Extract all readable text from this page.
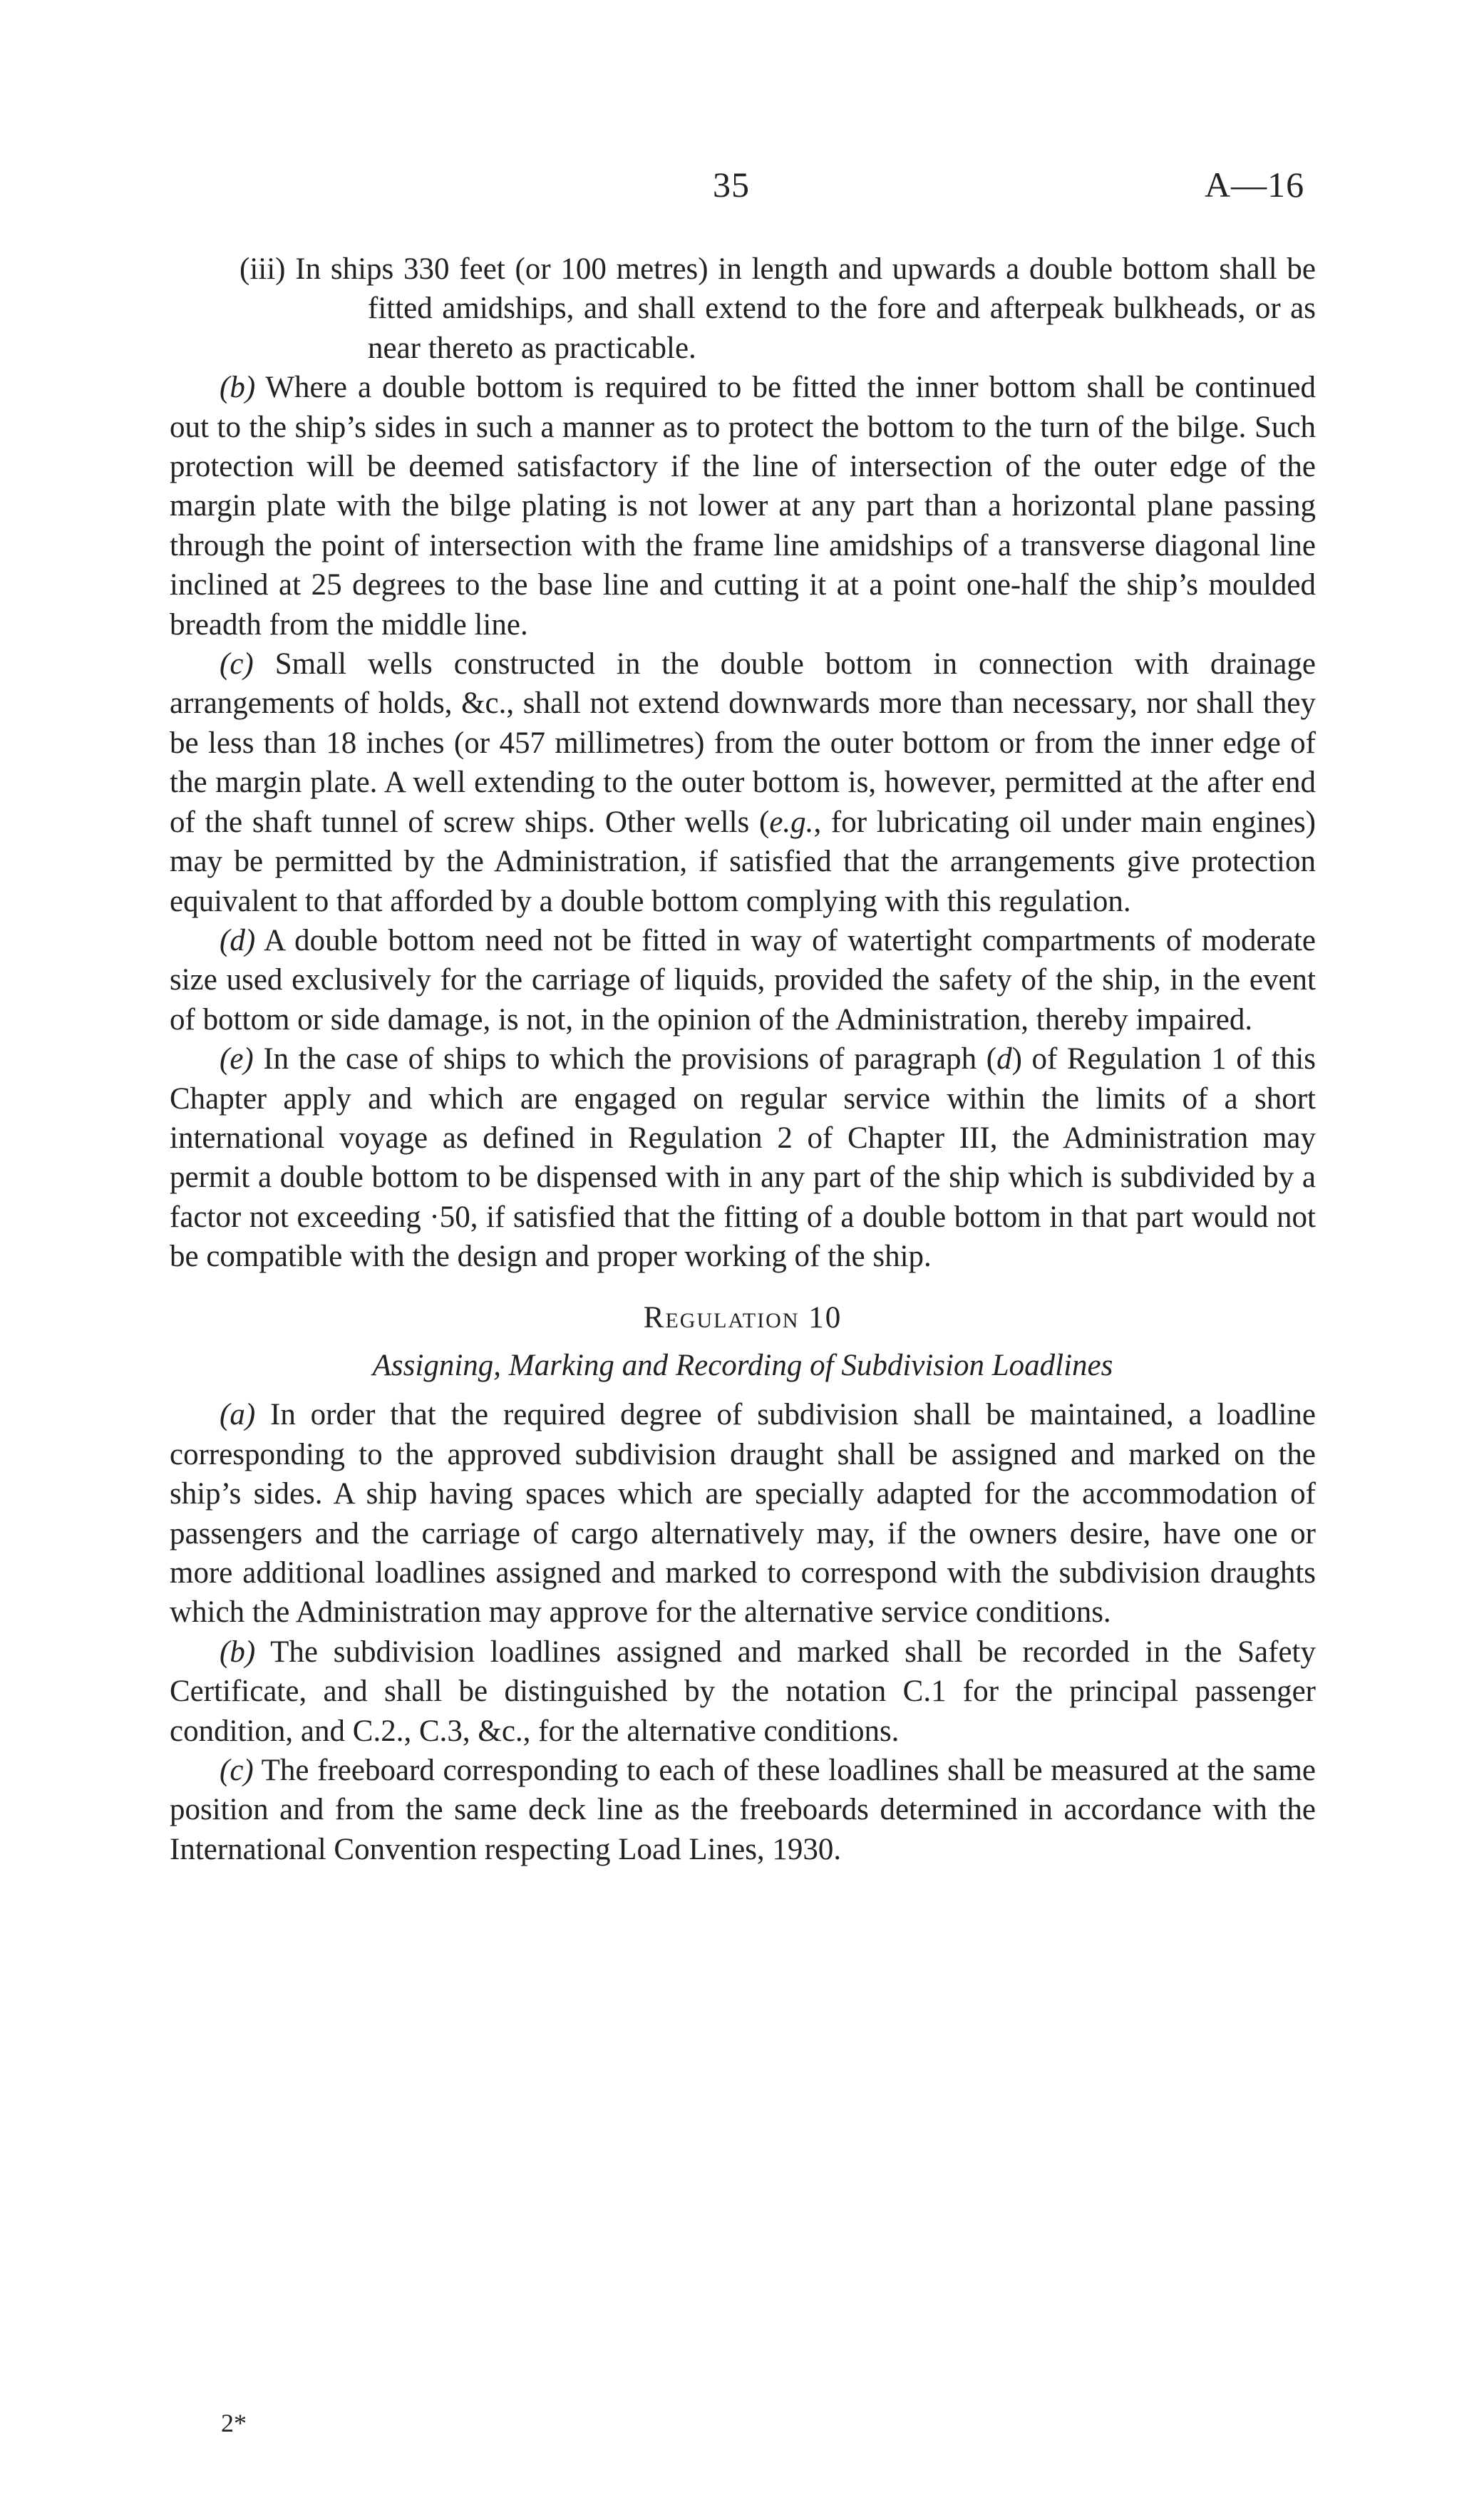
35	A—16

(iii) In ships 330 feet (or 100 metres) in length and upwards a double bottom shall be fitted amidships, and shall extend to the fore and afterpeak bulkheads, or as near thereto as practicable.

(b) Where a double bottom is required to be fitted the inner bottom shall be continued out to the ship’s sides in such a manner as to protect the bottom to the turn of the bilge. Such protection will be deemed satisfactory if the line of intersection of the outer edge of the margin plate with the bilge plating is not lower at any part than a horizontal plane passing through the point of intersection with the frame line amidships of a transverse diagonal line inclined at 25 degrees to the base line and cutting it at a point one-half the ship’s moulded breadth from the middle line.

(c) Small wells constructed in the double bottom in connection with drainage arrangements of holds, &c., shall not extend downwards more than necessary, nor shall they be less than 18 inches (or 457 millimetres) from the outer bottom or from the inner edge of the margin plate. A well extending to the outer bottom is, however, permitted at the after end of the shaft tunnel of screw ships. Other wells (e.g., for lubricating oil under main engines) may be permitted by the Administration, if satisfied that the arrangements give protection equivalent to that afforded by a double bottom complying with this regulation.

(d) A double bottom need not be fitted in way of watertight compartments of moderate size used exclusively for the carriage of liquids, provided the safety of the ship, in the event of bottom or side damage, is not, in the opinion of the Administration, thereby impaired.

(e) In the case of ships to which the provisions of paragraph (d) of Regulation 1 of this Chapter apply and which are engaged on regular service within the limits of a short international voyage as defined in Regulation 2 of Chapter III, the Administration may permit a double bottom to be dispensed with in any part of the ship which is subdivided by a factor not exceeding ·50, if satisfied that the fitting of a double bottom in that part would not be compatible with the design and proper working of the ship.

Regulation 10

Assigning, Marking and Recording of Subdivision Loadlines

(a) In order that the required degree of subdivision shall be maintained, a loadline corresponding to the approved subdivision draught shall be assigned and marked on the ship’s sides. A ship having spaces which are specially adapted for the accommodation of passengers and the carriage of cargo alternatively may, if the owners desire, have one or more additional loadlines assigned and marked to correspond with the subdivision draughts which the Administration may approve for the alternative service conditions.

(b) The subdivision loadlines assigned and marked shall be recorded in the Safety Certificate, and shall be distinguished by the notation C.1 for the principal passenger condition, and C.2., C.3, &c., for the alternative conditions.

(c) The freeboard corresponding to each of these loadlines shall be measured at the same position and from the same deck line as the freeboards determined in accordance with the International Convention respecting Load Lines, 1930.

2*
